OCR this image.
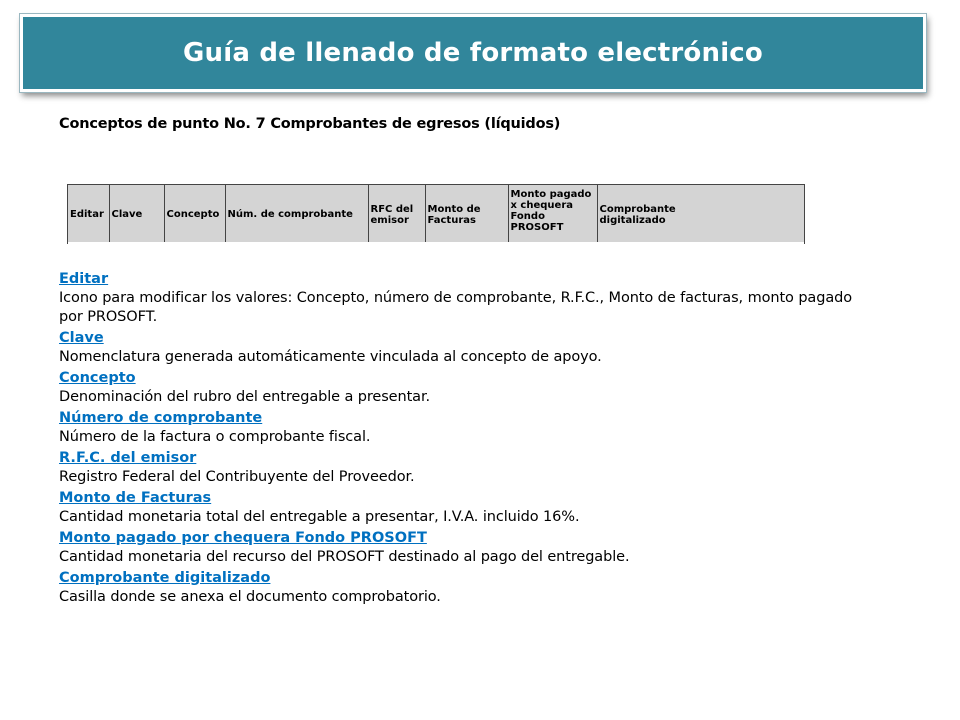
Guía de llenado de formato electrónico
Conceptos de punto No. 7 Comprobantes de egresos (líquidos)
Editar	Clave	Concepto	Núm. de comprobante	RFC del
emisor	Monto de
Facturas	Monto pagado
x chequera
Fondo
PROSOFT	Comprobante
digitalizado
Editar
Icono para modificar los valores: Concepto, número de comprobante, R.F.C., Monto de facturas, monto pagado por PROSOFT.
Clave
Nomenclatura generada automáticamente vinculada al concepto de apoyo.
Concepto
Denominación del rubro del entregable a presentar.
Número de comprobante
Número de la factura o comprobante fiscal.
R.F.C. del emisor
Registro Federal del Contribuyente del Proveedor.
Monto de Facturas
Cantidad monetaria total del entregable a presentar, I.V.A. incluido 16%.
Monto pagado por chequera Fondo PROSOFT
Cantidad monetaria del recurso del PROSOFT destinado al pago del entregable.
Comprobante digitalizado
Casilla donde se anexa el documento comprobatorio.
